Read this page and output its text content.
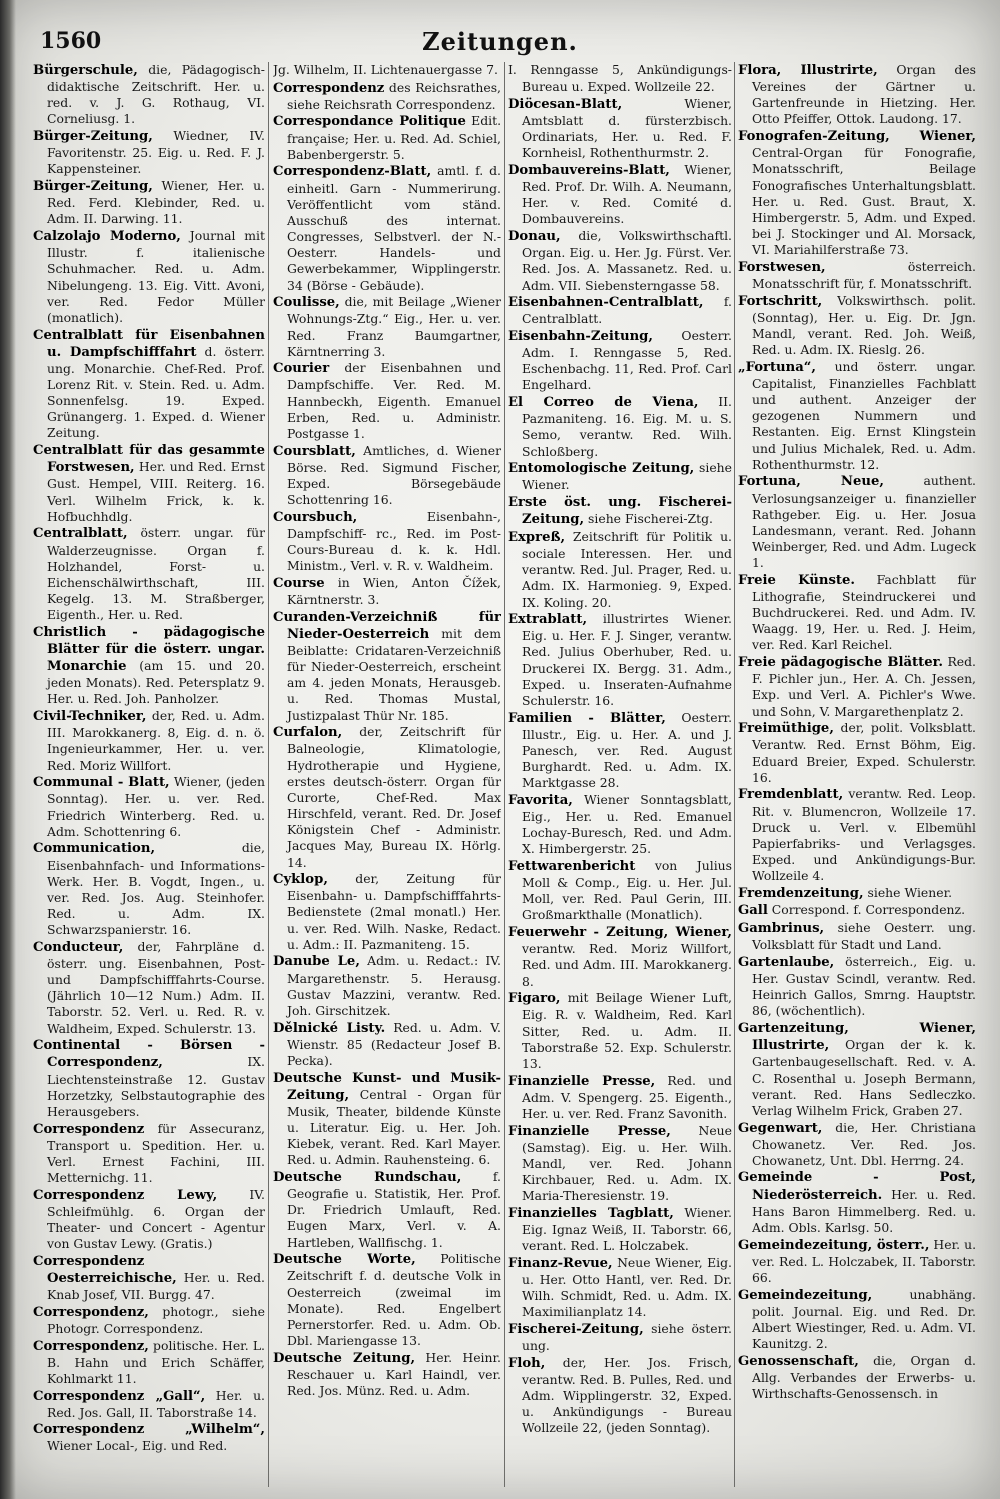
1560	Zeitungen.

Bürgerschule, die, Pädagogisch-didaktische Zeitschrift. Her. u. red. v. J. G. Rothaug, VI. Corneliusg. 1.

Bürger-Zeitung, Wiedner, IV. Favoritenstr. 25. Eig. u. Red. F. J. Kappensteiner.

Bürger-Zeitung, Wiener, Her. u. Red. Ferd. Klebinder, Red. u. Adm. II. Darwing. 11.

Calzolajo Moderno, Journal mit Illustr. f. italienische Schuhmacher. Red. u. Adm. Nibelungeng. 13. Eig. Vitt. Avoni, ver. Red. Fedor Müller (monatlich).

Centralblatt für Eisenbahnen u. Dampfschifffahrt d. österr. ung. Monarchie. Chef-Red. Prof. Lorenz Rit. v. Stein. Red. u. Adm. Sonnenfelsg. 19. Exped. Grünangerg. 1. Exped. d. Wiener Zeitung.

Centralblatt für das gesammte Forstwesen, Her. und Red. Ernst Gust. Hempel, VIII. Reiterg. 16. Verl. Wilhelm Frick, k. k. Hofbuchhdlg.

Centralblatt, österr. ungar. für Walderzeugnisse. Organ f. Holzhandel, Forst- u. Eichenschälwirthschaft, III. Kegelg. 13. M. Straßberger, Eigenth., Her. u. Red.

Christlich - pädagogische Blätter für die österr. ungar. Monarchie (am 15. und 20. jeden Monats). Red. Petersplatz 9. Her. u. Red. Joh. Panholzer.

Civil-Techniker, der, Red. u. Adm. III. Marokkanerg. 8, Eig. d. n. ö. Ingenieurkammer, Her. u. ver. Red. Moriz Willfort.

Communal - Blatt, Wiener, (jeden Sonntag). Her. u. ver. Red. Friedrich Winterberg. Red. u. Adm. Schottenring 6.

Communication, die, Eisenbahnfach- und Informations-Werk. Her. B. Vogdt, Ingen., u. ver. Red. Jos. Aug. Steinhofer. Red. u. Adm. IX. Schwarzspanierstr. 16.

Conducteur, der, Fahrpläne d. österr. ung. Eisenbahnen, Post- und Dampfschifffahrts-Course. (Jährlich 10—12 Num.) Adm. II. Taborstr. 52. Verl. u. Red. R. v. Waldheim, Exped. Schulerstr. 13.

Continental - Börsen - Correspondenz, IX. Liechtensteinstraße 12. Gustav Horzetzky, Selbstautographie des Herausgebers.

Correspondenz für Assecuranz, Transport u. Spedition. Her. u. Verl. Ernest Fachini, III. Metternichg. 11.

Correspondenz Lewy, IV. Schleifmühlg. 6. Organ der Theater- und Concert - Agentur von Gustav Lewy. (Gratis.)

Correspondenz Oesterreichische, Her. u. Red. Knab Josef, VII. Burgg. 47.

Correspondenz, photogr., siehe Photogr. Correspondenz.

Correspondenz, politische. Her. L. B. Hahn und Erich Schäffer, Kohlmarkt 11.

Correspondenz „Gall“, Her. u. Red. Jos. Gall, II. Taborstraße 14.

Correspondenz „Wilhelm“, Wiener Local-, Eig. und Red.

Jg. Wilhelm, II. Lichtenauergasse 7.

Correspondenz des Reichsrathes, siehe Reichsrath Correspondenz.

Correspondance Politique Edit. française; Her. u. Red. Ad. Schiel, Babenbergerstr. 5.

Correspondenz-Blatt, amtl. f. d. einheitl. Garn - Nummerirung. Veröffentlicht vom ständ. Ausschuß des internat. Congresses, Selbstverl. der N.-Oesterr. Handels- und Gewerbekammer, Wipplingerstr. 34 (Börse - Gebäude).

Coulisse, die, mit Beilage „Wiener Wohnungs-Ztg.“ Eig., Her. u. ver. Red. Franz Baumgartner, Kärntnerring 3.

Courier der Eisenbahnen und Dampfschiffe. Ver. Red. M. Hannbeckh, Eigenth. Emanuel Erben, Red. u. Administr. Postgasse 1.

Coursblatt, Amtliches, d. Wiener Börse. Red. Sigmund Fischer, Exped. Börsegebäude Schottenring 16.

Coursbuch, Eisenbahn-, Dampfschiff- rc., Red. im Post-Cours-Bureau d. k. k. Hdl. Ministm., Verl. v. R. v. Waldheim.

Course in Wien, Anton Čížek, Kärntnerstr. 3.

Curanden-Verzeichniß für Nieder-Oesterreich mit dem Beiblatte: Cridataren-Verzeichniß für Nieder-Oesterreich, erscheint am 4. jeden Monats, Herausgeb. u. Red. Thomas Mustal, Justizpalast Thür Nr. 185.

Curfalon, der, Zeitschrift für Balneologie, Klimatologie, Hydrotherapie und Hygiene, erstes deutsch-österr. Organ für Curorte, Chef-Red. Max Hirschfeld, verant. Red. Dr. Josef Königstein Chef - Administr. Jacques May, Bureau IX. Hörlg. 14.

Cyklop, der, Zeitung für Eisenbahn- u. Dampfschifffahrts-Bedienstete (2mal monatl.) Her. u. ver. Red. Wilh. Naske, Redact. u. Adm.: II. Pazmaniteng. 15.

Danube Le, Adm. u. Redact.: IV. Margarethenstr. 5. Herausg. Gustav Mazzini, verantw. Red. Joh. Girschitzek.

Dělnické Listy. Red. u. Adm. V. Wienstr. 85 (Redacteur Josef B. Pecka).

Deutsche Kunst- und Musik-Zeitung, Central - Organ für Musik, Theater, bildende Künste u. Literatur. Eig. u. Her. Joh. Kiebek, verant. Red. Karl Mayer. Red. u. Admin. Rauhensteing. 6.

Deutsche Rundschau, f. Geografie u. Statistik, Her. Prof. Dr. Friedrich Umlauft, Red. Eugen Marx, Verl. v. A. Hartleben, Wallfischg. 1.

Deutsche Worte, Politische Zeitschrift f. d. deutsche Volk in Oesterreich (zweimal im Monate). Red. Engelbert Pernerstorfer. Red. u. Adm. Ob. Dbl. Mariengasse 13.

Deutsche Zeitung, Her. Heinr. Reschauer u. Karl Haindl, ver. Red. Jos. Münz. Red. u. Adm.

I. Renngasse 5, Ankündigungs-Bureau u. Exped. Wollzeile 22.

Diöcesan-Blatt, Wiener, Amtsblatt d. fürsterzbisch. Ordinariats, Her. u. Red. F. Kornheisl, Rothenthurmstr. 2.

Dombauvereins-Blatt, Wiener, Red. Prof. Dr. Wilh. A. Neumann, Her. v. Red. Comité d. Dombauvereins.

Donau, die, Volkswirthschaftl. Organ. Eig. u. Her. Jg. Fürst. Ver. Red. Jos. A. Massanetz. Red. u. Adm. VII. Siebensterngasse 58.

Eisenbahnen-Centralblatt, f. Centralblatt.

Eisenbahn-Zeitung, Oesterr. Adm. I. Renngasse 5, Red. Eschenbachg. 11, Red. Prof. Carl Engelhard.

El Correo de Viena, II. Pazmaniteng. 16. Eig. M. u. S. Semo, verantw. Red. Wilh. Schloßberg.

Entomologische Zeitung, siehe Wiener.

Erste öst. ung. Fischerei-Zeitung, siehe Fischerei-Ztg.

Expreß, Zeitschrift für Politik u. sociale Interessen. Her. und verantw. Red. Jul. Prager, Red. u. Adm. IX. Harmonieg. 9, Exped. IX. Koling. 20.

Extrablatt, illustrirtes Wiener. Eig. u. Her. F. J. Singer, verantw. Red. Julius Oberhuber, Red. u. Druckerei IX. Bergg. 31. Adm., Exped. u. Inseraten-Aufnahme Schulerstr. 16.

Familien - Blätter, Oesterr. Illustr., Eig. u. Her. A. und J. Panesch, ver. Red. August Burghardt. Red. u. Adm. IX. Marktgasse 28.

Favorita, Wiener Sonntagsblatt, Eig., Her. u. Red. Emanuel Lochay-Buresch, Red. und Adm. X. Himbergerstr. 25.

Fettwarenbericht von Julius Moll & Comp., Eig. u. Her. Jul. Moll, ver. Red. Paul Gerin, III. Großmarkthalle (Monatlich).

Feuerwehr - Zeitung, Wiener, verantw. Red. Moriz Willfort, Red. und Adm. III. Marokkanerg. 8.

Figaro, mit Beilage Wiener Luft, Eig. R. v. Waldheim, Red. Karl Sitter, Red. u. Adm. II. Taborstraße 52. Exp. Schulerstr. 13.

Finanzielle Presse, Red. und Adm. V. Spengerg. 25. Eigenth., Her. u. ver. Red. Franz Savonith.

Finanzielle Presse, Neue (Samstag). Eig. u. Her. Wilh. Mandl, ver. Red. Johann Kirchbauer, Red. u. Adm. IX. Maria-Theresienstr. 19.

Finanzielles Tagblatt, Wiener. Eig. Ignaz Weiß, II. Taborstr. 66, verant. Red. L. Holczabek.

Finanz-Revue, Neue Wiener, Eig. u. Her. Otto Hantl, ver. Red. Dr. Wilh. Schmidt, Red. u. Adm. IX. Maximilianplatz 14.

Fischerei-Zeitung, siehe österr. ung.

Floh, der, Her. Jos. Frisch, verantw. Red. B. Pulles, Red. und Adm. Wipplingerstr. 32, Exped. u. Ankündigungs - Bureau Wollzeile 22, (jeden Sonntag).

Flora, Illustrirte, Organ des Vereines der Gärtner u. Gartenfreunde in Hietzing. Her. Otto Pfeiffer, Ottok. Laudong. 17.

Fonografen-Zeitung, Wiener, Central-Organ für Fonografie, Monatsschrift, Beilage Fonografisches Unterhaltungsblatt. Her. u. Red. Gust. Braut, X. Himbergerstr. 5, Adm. und Exped. bei J. Stockinger und Al. Morsack, VI. Mariahilferstraße 73.

Forstwesen, österreich. Monatsschrift für, f. Monatsschrift.

Fortschritt, Volkswirthsch. polit. (Sonntag), Her. u. Eig. Dr. Jgn. Mandl, verant. Red. Joh. Weiß, Red. u. Adm. IX. Rieslg. 26.

„Fortuna“, und österr. ungar. Capitalist, Finanzielles Fachblatt und authent. Anzeiger der gezogenen Nummern und Restanten. Eig. Ernst Klingstein und Julius Michalek, Red. u. Adm. Rothenthurmstr. 12.

Fortuna, Neue, authent. Verlosungsanzeiger u. finanzieller Rathgeber. Eig. u. Her. Josua Landesmann, verant. Red. Johann Weinberger, Red. und Adm. Lugeck 1.

Freie Künste. Fachblatt für Lithografie, Steindruckerei und Buchdruckerei. Red. und Adm. IV. Waagg. 19, Her. u. Red. J. Heim, ver. Red. Karl Reichel.

Freie pädagogische Blätter. Red. F. Pichler jun., Her. A. Ch. Jessen, Exp. und Verl. A. Pichler's Wwe. und Sohn, V. Margarethenplatz 2.

Freimüthige, der, polit. Volksblatt. Verantw. Red. Ernst Böhm, Eig. Eduard Breier, Exped. Schulerstr. 16.

Fremdenblatt, verantw. Red. Leop. Rit. v. Blumencron, Wollzeile 17. Druck u. Verl. v. Elbemühl Papierfabriks- und Verlagsges. Exped. und Ankündigungs-Bur. Wollzeile 4.

Fremdenzeitung, siehe Wiener.

Gall Correspond. f. Correspondenz.

Gambrinus, siehe Oesterr. ung. Volksblatt für Stadt und Land.

Gartenlaube, österreich., Eig. u. Her. Gustav Scindl, verantw. Red. Heinrich Gallos, Smrng. Hauptstr. 86, (wöchentlich).

Gartenzeitung, Wiener, Illustrirte, Organ der k. k. Gartenbaugesellschaft. Red. v. A. C. Rosenthal u. Joseph Bermann, verant. Red. Hans Sedleczko. Verlag Wilhelm Frick, Graben 27.

Gegenwart, die, Her. Christiana Chowanetz. Ver. Red. Jos. Chowanetz, Unt. Dbl. Herrng. 24.

Gemeinde - Post, Niederösterreich. Her. u. Red. Hans Baron Himmelberg. Red. u. Adm. Obls. Karlsg. 50.

Gemeindezeitung, österr., Her. u. ver. Red. L. Holczabek, II. Taborstr. 66.

Gemeindezeitung, unabhäng. polit. Journal. Eig. und Red. Dr. Albert Wiestinger, Red. u. Adm. VI. Kaunitzg. 2.

Genossenschaft, die, Organ d. Allg. Verbandes der Erwerbs- u. Wirthschafts-Genossensch. in
